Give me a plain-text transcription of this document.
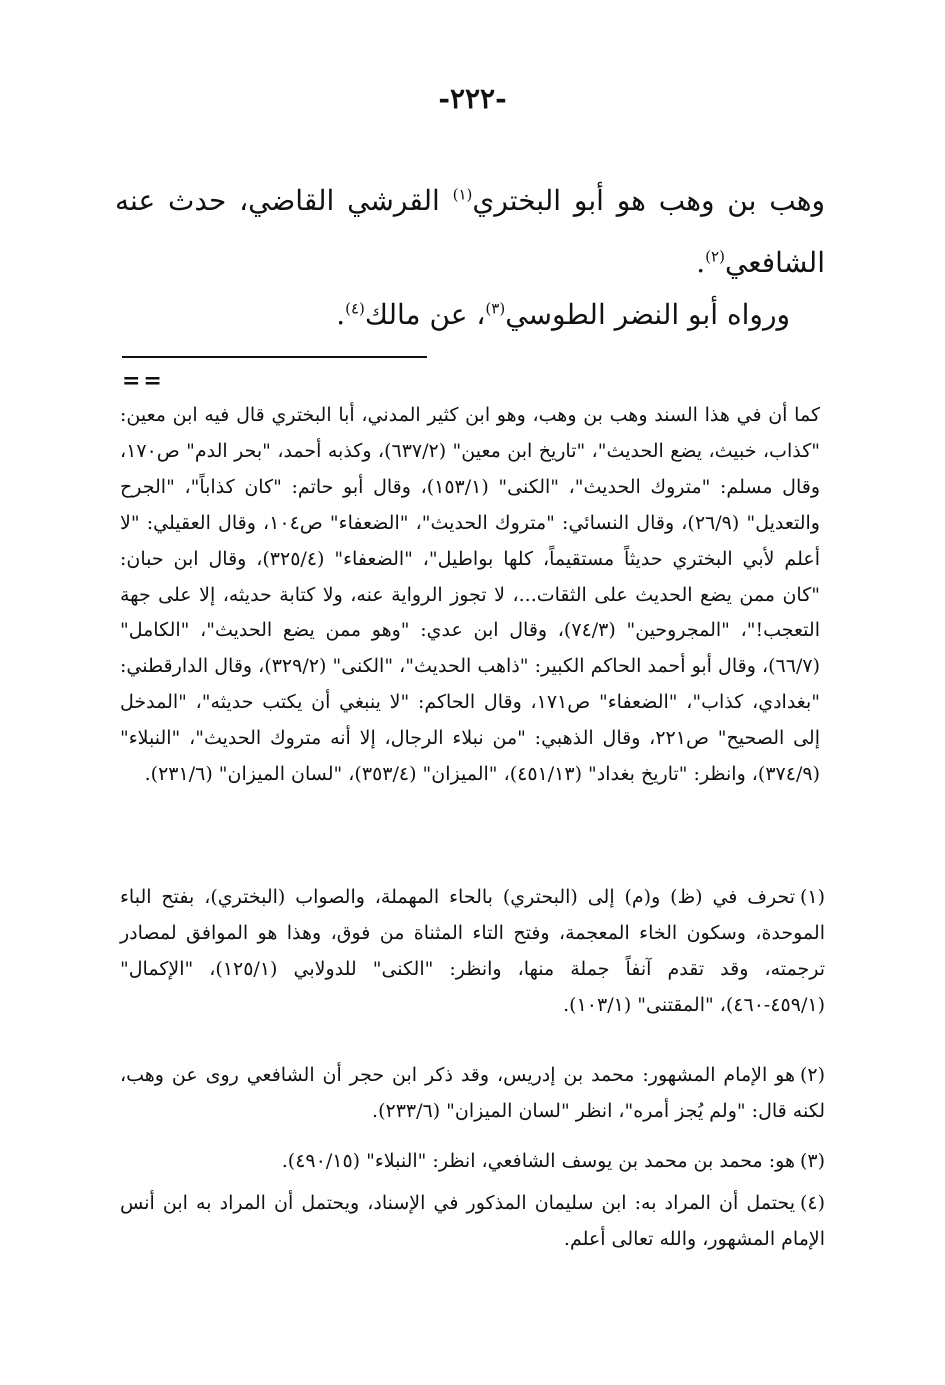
-٢٢٢-
وهب بن وهب هو أبو البختري$^{(١)}$ القرشي القاضي، حدث عنه الشافعي$^{(٢)}$.
ورواه أبو النضر الطوسي$^{(٣)}$، عن مالك$^{(٤)}$.
==
كما أن في هذا السند وهب بن وهب، وهو ابن كثير المدني، أبا البختري قال فيه ابن معين: "كذاب، خبيث، يضع الحديث"، "تاريخ ابن معين" (٦٣٧/٢)، وكذبه أحمد، "بحر الدم" ص١٧٠، وقال مسلم: "متروك الحديث"، "الكنى" (١٥٣/١)، وقال أبو حاتم: "كان كذاباً"، "الجرح والتعديل" (٢٦/٩)، وقال النسائي: "متروك الحديث"، "الضعفاء" ص١٠٤، وقال العقيلي: "لا أعلم لأبي البختري حديثاً مستقيماً، كلها بواطيل"، "الضعفاء" (٣٢٥/٤)، وقال ابن حبان: "كان ممن يضع الحديث على الثقات...، لا تجوز الرواية عنه، ولا كتابة حديثه، إلا على جهة التعجب!"، "المجروحين" (٧٤/٣)، وقال ابن عدي: "وهو ممن يضع الحديث"، "الكامل" (٦٦/٧)، وقال أبو أحمد الحاكم الكبير: "ذاهب الحديث"، "الكنى" (٣٢٩/٢)، وقال الدارقطني: "بغدادي، كذاب"، "الضعفاء" ص١٧١، وقال الحاكم: "لا ينبغي أن يكتب حديثه"، "المدخل إلى الصحيح" ص٢٢١، وقال الذهبي: "من نبلاء الرجال، إلا أنه متروك الحديث"، "النبلاء" (٣٧٤/٩)، وانظر: "تاريخ بغداد" (٤٥١/١٣)، "الميزان" (٣٥٣/٤)، "لسان الميزان" (٢٣١/٦).
(١)تحرف في (ظ) و(م) إلى (البحتري) بالحاء المهملة، والصواب (البختري)، بفتح الباء الموحدة، وسكون الخاء المعجمة، وفتح التاء المثناة من فوق، وهذا هو الموافق لمصادر ترجمته، وقد تقدم آنفاً جملة منها، وانظر: "الكنى" للدولابي (١٢٥/١)، "الإكمال" (٤٥٩/١-٤٦٠)، "المقتنى" (١٠٣/١).
(٢)هو الإمام المشهور: محمد بن إدريس، وقد ذكر ابن حجر أن الشافعي روى عن وهب، لكنه قال: "ولم يُجز أمره"، انظر "لسان الميزان" (٢٣٣/٦).
(٣)هو: محمد بن محمد بن يوسف الشافعي، انظر: "النبلاء" (٤٩٠/١٥).
(٤)يحتمل أن المراد به: ابن سليمان المذكور في الإسناد، ويحتمل أن المراد به ابن أنس الإمام المشهور، والله تعالى أعلم.
